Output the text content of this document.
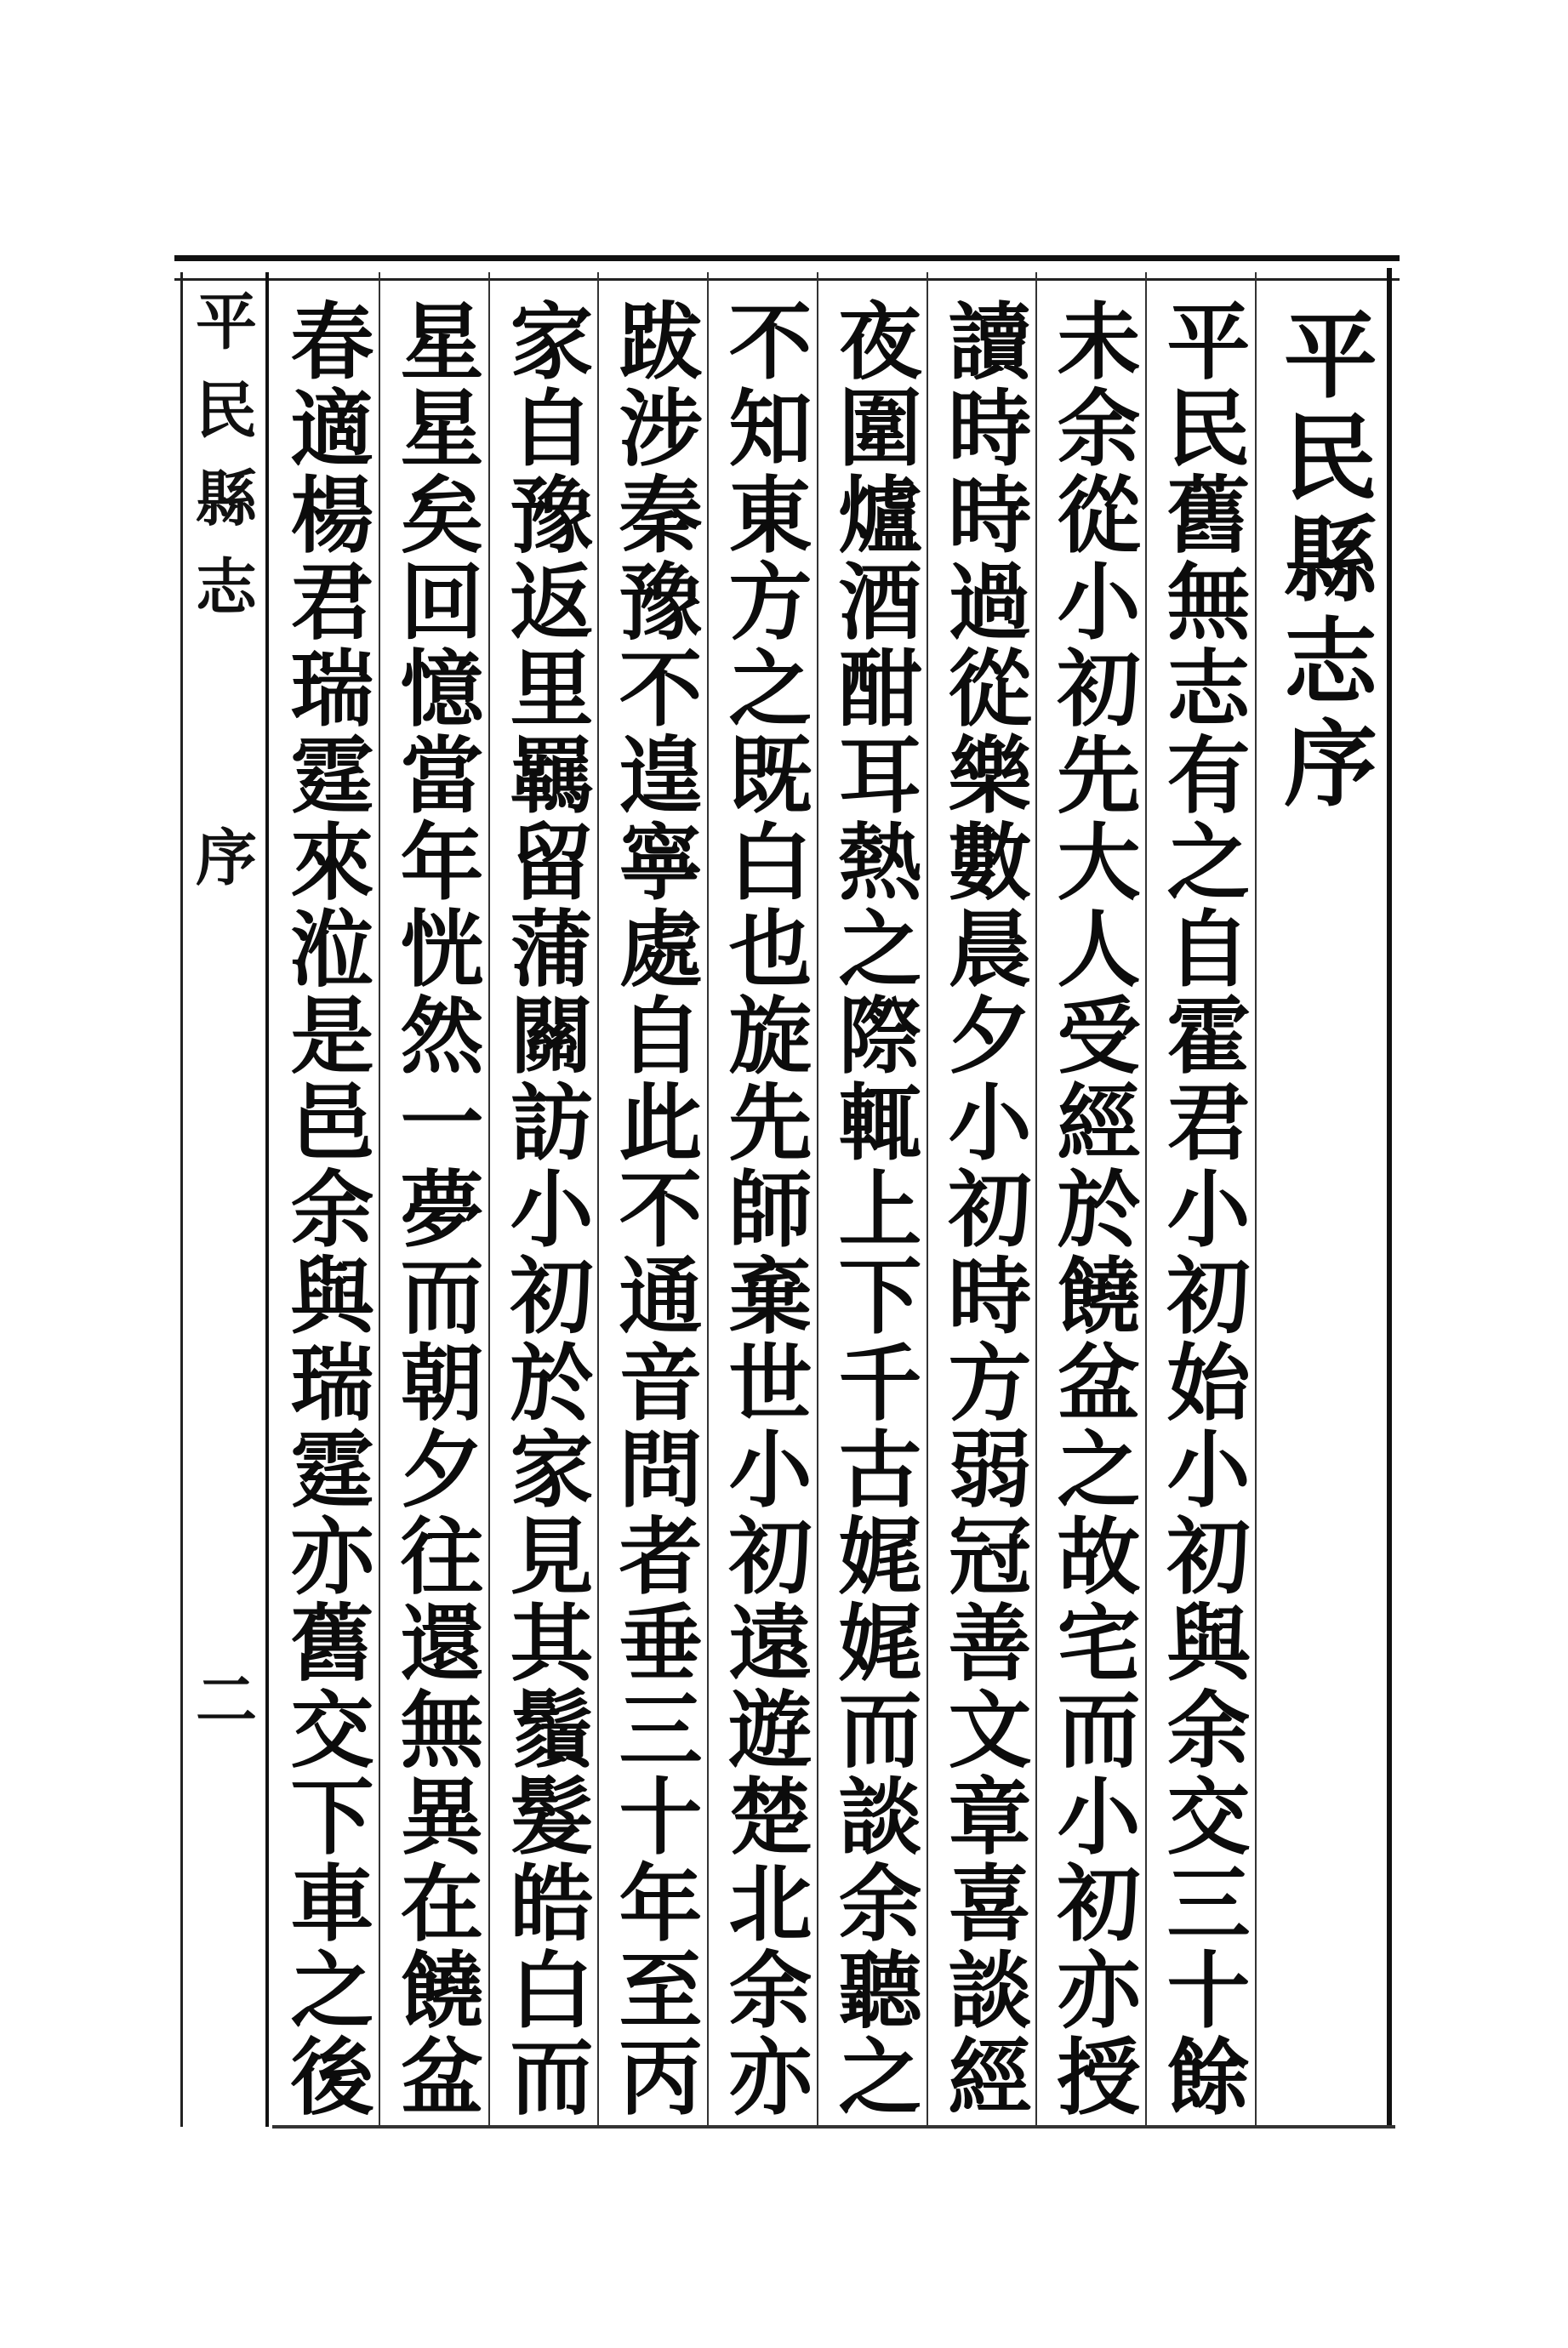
平民縣志
序
二
平民縣志序
平民舊無志有之自霍君小初始小初與余交三十餘
未余從小初先大人受經於饒盆之故宅而小初亦授
讀時時過從樂數晨夕小初時方弱冠善文章喜談經
夜圍爐酒酣耳熱之際輒上下千古娓娓而談余聽之
不知東方之既白也旋先師棄世小初遠遊楚北余亦
跋涉秦豫不遑寧處自此不通音問者垂三十年至丙
家自豫返里羈留蒲關訪小初於家見其鬚髮皓白而
星星矣回憶當年恍然一夢而朝夕往還無異在饒盆
春適楊君瑞霆來涖是邑余與瑞霆亦舊交下車之後
